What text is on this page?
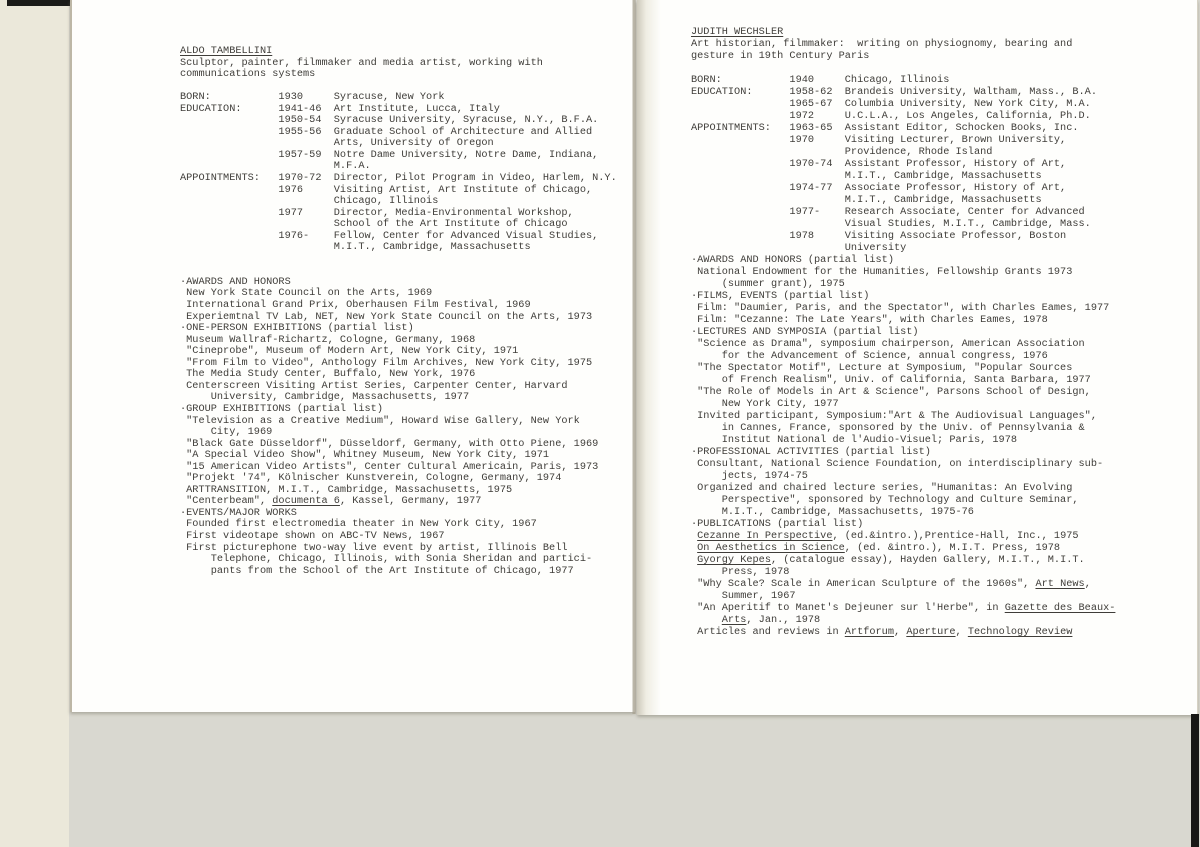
ALDO TAMBELLINI
Sculptor, painter, filmmaker and media artist, working with
communications systems

BORN:           1930     Syracuse, New York
EDUCATION:      1941-46  Art Institute, Lucca, Italy
1950-54  Syracuse University, Syracuse, N.Y., B.F.A.
1955-56  Graduate School of Architecture and Allied
Arts, University of Oregon
1957-59  Notre Dame University, Notre Dame, Indiana,
M.F.A.
APPOINTMENTS:   1970-72  Director, Pilot Program in Video, Harlem, N.Y.
1976     Visiting Artist, Art Institute of Chicago,
Chicago, Illinois
1977     Director, Media-Environmental Workshop,
School of the Art Institute of Chicago
1976-    Fellow, Center for Advanced Visual Studies,
M.I.T., Cambridge, Massachusetts

·AWARDS AND HONORS
New York State Council on the Arts, 1969
International Grand Prix, Oberhausen Film Festival, 1969
Experiemtnal TV Lab, NET, New York State Council on the Arts, 1973
·ONE-PERSON EXHIBITIONS (partial list)
Museum Wallraf-Richartz, Cologne, Germany, 1968
"Cineprobe", Museum of Modern Art, New York City, 1971
"From Film to Video", Anthology Film Archives, New York City, 1975
The Media Study Center, Buffalo, New York, 1976
Centerscreen Visiting Artist Series, Carpenter Center, Harvard
University, Cambridge, Massachusetts, 1977
·GROUP EXHIBITIONS (partial list)
"Television as a Creative Medium", Howard Wise Gallery, New York
City, 1969
"Black Gate Düsseldorf", Düsseldorf, Germany, with Otto Piene, 1969
"A Special Video Show", Whitney Museum, New York City, 1971
"15 American Video Artists", Center Cultural Americain, Paris, 1973
"Projekt '74", Kölnischer Kunstverein, Cologne, Germany, 1974
ARTTRANSITION, M.I.T., Cambridge, Massachusetts, 1975
"Centerbeam", documenta 6, Kassel, Germany, 1977
·EVENTS/MAJOR WORKS
Founded first electromedia theater in New York City, 1967
First videotape shown on ABC-TV News, 1967
First picturephone two-way live event by artist, Illinois Bell
Telephone, Chicago, Illinois, with Sonia Sheridan and partici-
pants from the School of the Art Institute of Chicago, 1977
JUDITH WECHSLER
Art historian, filmmaker:  writing on physiognomy, bearing and
gesture in 19th Century Paris

BORN:           1940     Chicago, Illinois
EDUCATION:      1958-62  Brandeis University, Waltham, Mass., B.A.
1965-67  Columbia University, New York City, M.A.
1972     U.C.L.A., Los Angeles, California, Ph.D.
APPOINTMENTS:   1963-65  Assistant Editor, Schocken Books, Inc.
1970     Visiting Lecturer, Brown University,
Providence, Rhode Island
1970-74  Assistant Professor, History of Art,
M.I.T., Cambridge, Massachusetts
1974-77  Associate Professor, History of Art,
M.I.T., Cambridge, Massachusetts
1977-    Research Associate, Center for Advanced
Visual Studies, M.I.T., Cambridge, Mass.
1978     Visiting Associate Professor, Boston
University
·AWARDS AND HONORS (partial list)
National Endowment for the Humanities, Fellowship Grants 1973
(summer grant), 1975
·FILMS, EVENTS (partial list)
Film: "Daumier, Paris, and the Spectator", with Charles Eames, 1977
Film: "Cezanne: The Late Years", with Charles Eames, 1978
·LECTURES AND SYMPOSIA (partial list)
"Science as Drama", symposium chairperson, American Association
for the Advancement of Science, annual congress, 1976
"The Spectator Motif", Lecture at Symposium, "Popular Sources
of French Realism", Univ. of California, Santa Barbara, 1977
"The Role of Models in Art & Science", Parsons School of Design,
New York City, 1977
Invited participant, Symposium:"Art & The Audiovisual Languages",
in Cannes, France, sponsored by the Univ. of Pennsylvania &
Institut National de l'Audio-Visuel; Paris, 1978
·PROFESSIONAL ACTIVITIES (partial list)
Consultant, National Science Foundation, on interdisciplinary sub-
jects, 1974-75
Organized and chaired lecture series, "Humanitas: An Evolving
Perspective", sponsored by Technology and Culture Seminar,
M.I.T., Cambridge, Massachusetts, 1975-76
·PUBLICATIONS (partial list)
Cezanne In Perspective, (ed.&intro.),Prentice-Hall, Inc., 1975
On Aesthetics in Science, (ed. &intro.), M.I.T. Press, 1978
Gyorgy Kepes, (catalogue essay), Hayden Gallery, M.I.T., M.I.T.
Press, 1978
"Why Scale? Scale in American Sculpture of the 1960s", Art News,
Summer, 1967
"An Aperitif to Manet's Dejeuner sur l'Herbe", in Gazette des Beaux-
Arts, Jan., 1978
Articles and reviews in Artforum, Aperture, Technology Review
